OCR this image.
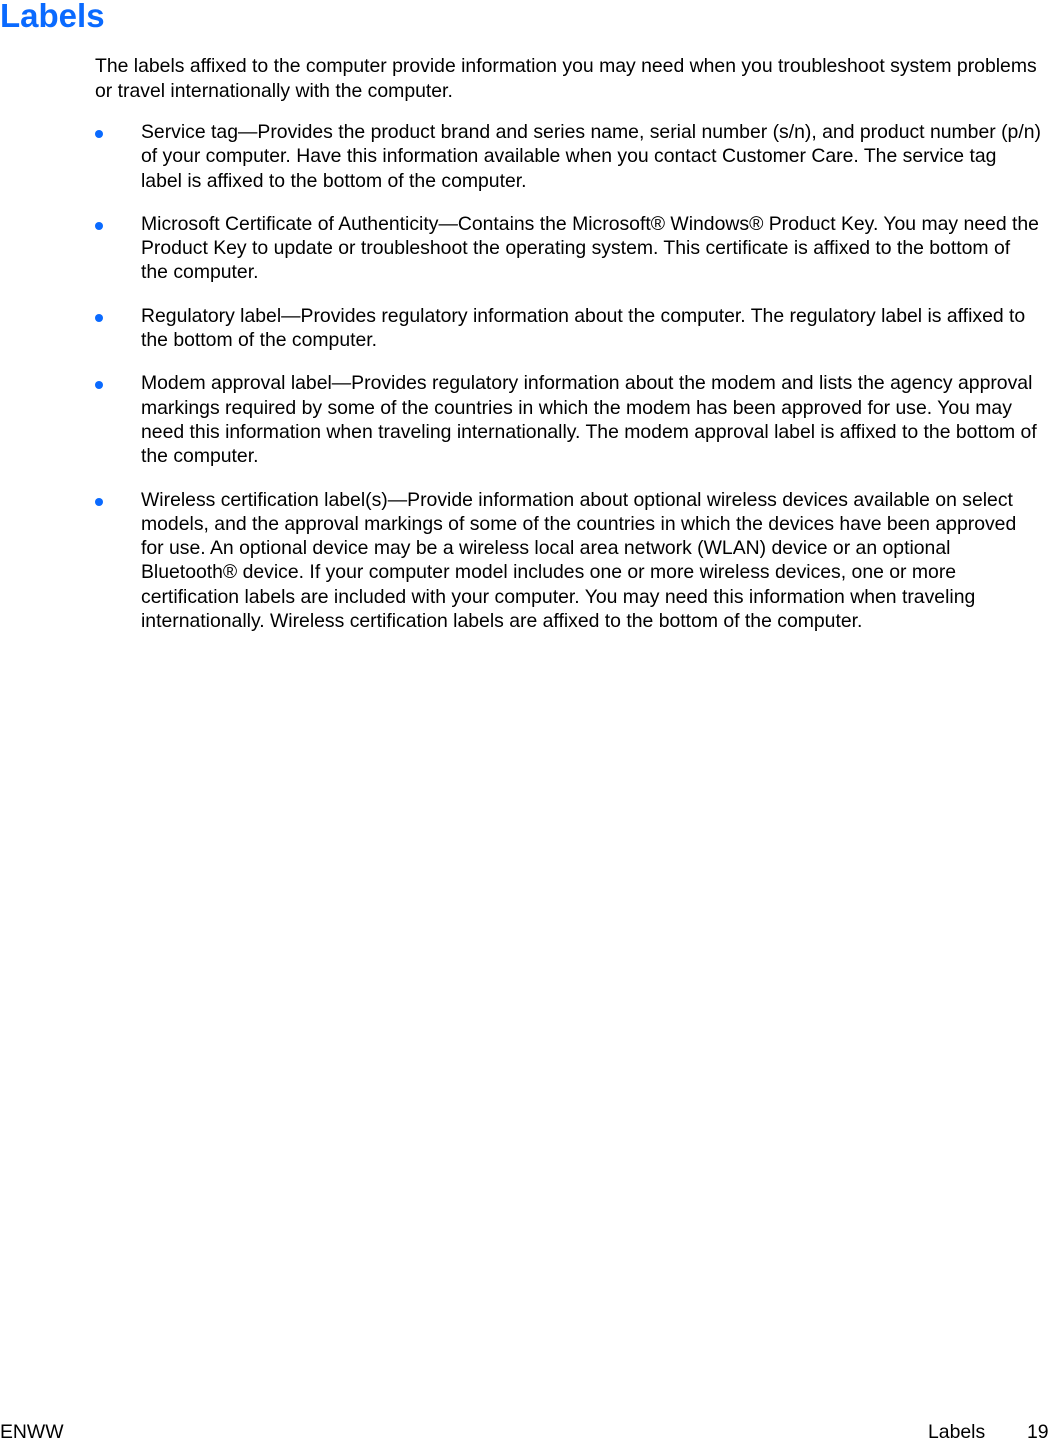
Labels

The labels affixed to the computer provide information you may need when you troubleshoot system problems or travel internationally with the computer.

Service tag—Provides the product brand and series name, serial number (s/n), and product number (p/n) of your computer. Have this information available when you contact Customer Care. The service tag label is affixed to the bottom of the computer.
Microsoft Certificate of Authenticity—Contains the Microsoft® Windows® Product Key. You may need the Product Key to update or troubleshoot the operating system. This certificate is affixed to the bottom of the computer.
Regulatory label—Provides regulatory information about the computer. The regulatory label is affixed to the bottom of the computer.
Modem approval label—Provides regulatory information about the modem and lists the agency approval markings required by some of the countries in which the modem has been approved for use. You may need this information when traveling internationally. The modem approval label is affixed to the bottom of the computer.
Wireless certification label(s)—Provide information about optional wireless devices available on select models, and the approval markings of some of the countries in which the devices have been approved for use. An optional device may be a wireless local area network (WLAN) device or an optional Bluetooth® device. If your computer model includes one or more wireless devices, one or more certification labels are included with your computer. You may need this information when traveling internationally. Wireless certification labels are affixed to the bottom of the computer.
ENWW	Labels 19
